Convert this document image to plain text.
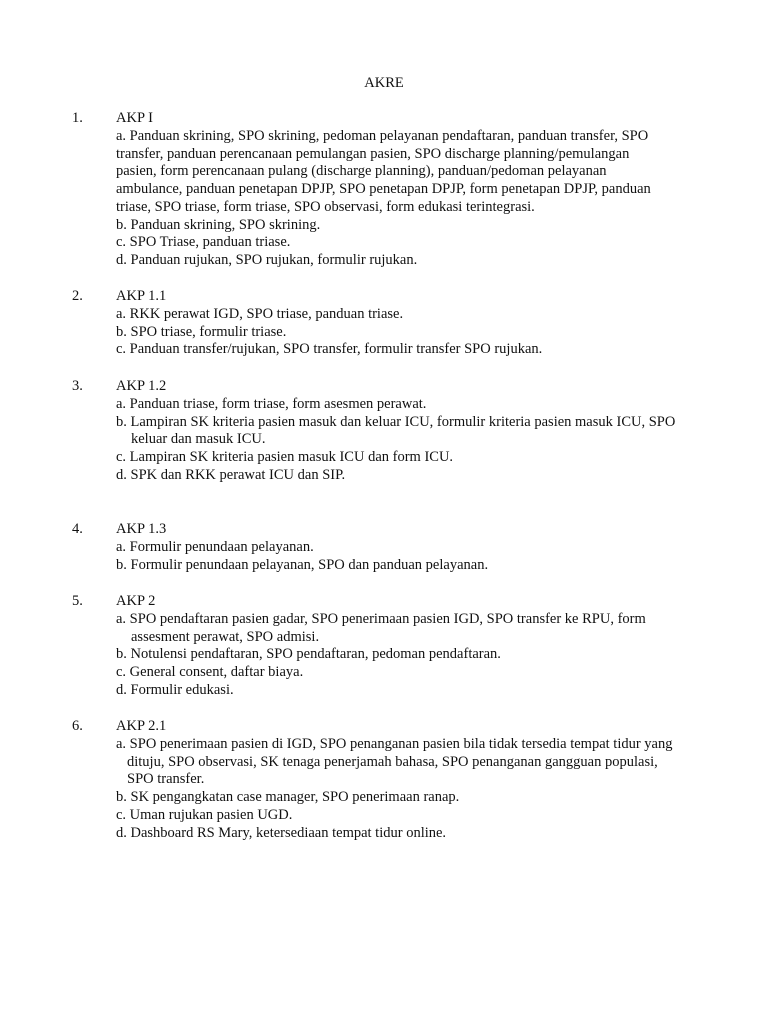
AKRE
1. AKP I
a. Panduan skrining, SPO skrining, pedoman pelayanan pendaftaran, panduan transfer, SPO
transfer, panduan perencanaan pemulangan pasien, SPO discharge planning/pemulangan
pasien, form perencanaan pulang (discharge planning), panduan/pedoman pelayanan
ambulance, panduan penetapan DPJP, SPO penetapan DPJP, form penetapan DPJP, panduan
triase, SPO triase, form triase, SPO observasi, form edukasi terintegrasi.
b. Panduan skrining, SPO skrining.
c. SPO Triase, panduan triase.
d. Panduan rujukan, SPO rujukan, formulir rujukan.
2. AKP 1.1
a. RKK perawat IGD, SPO triase, panduan triase.
b. SPO triase, formulir triase.
c. Panduan transfer/rujukan, SPO transfer, formulir transfer SPO rujukan.
3. AKP 1.2
a. Panduan triase, form triase, form asesmen perawat.
b. Lampiran SK kriteria pasien masuk dan keluar ICU, formulir kriteria pasien masuk ICU, SPO
keluar dan masuk ICU.
c. Lampiran SK kriteria pasien masuk ICU dan form ICU.
d. SPK dan RKK perawat ICU dan SIP.
4. AKP 1.3
a. Formulir penundaan pelayanan.
b. Formulir penundaan pelayanan, SPO dan panduan pelayanan.
5. AKP 2
a. SPO pendaftaran pasien gadar, SPO penerimaan pasien IGD, SPO transfer ke RPU, form
assesment perawat, SPO admisi.
b. Notulensi pendaftaran, SPO pendaftaran, pedoman pendaftaran.
c. General consent, daftar biaya.
d. Formulir edukasi.
6. AKP 2.1
a. SPO penerimaan pasien di IGD, SPO penanganan pasien bila tidak tersedia tempat tidur yang
dituju, SPO observasi, SK tenaga penerjamah bahasa, SPO penanganan gangguan populasi,
SPO transfer.
b. SK pengangkatan case manager, SPO penerimaan ranap.
c. Uman rujukan pasien UGD.
d. Dashboard RS Mary, ketersediaan tempat tidur online.
